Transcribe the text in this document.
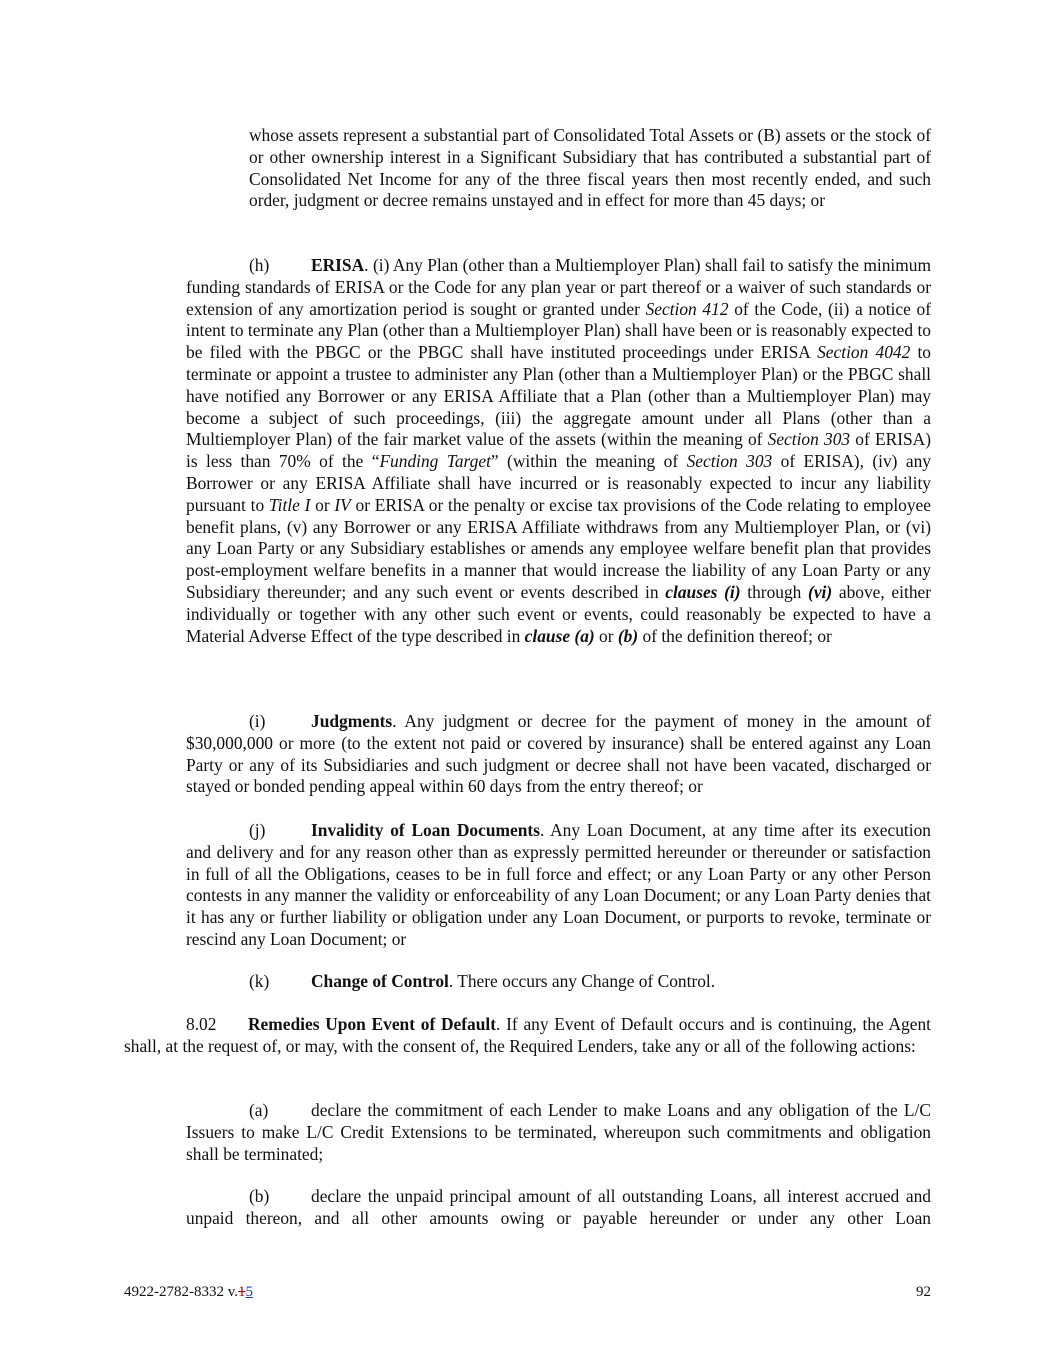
whose assets represent a substantial part of Consolidated Total Assets or (B) assets or the stock of or other ownership interest in a Significant Subsidiary that has contributed a substantial part of Consolidated Net Income for any of the three fiscal years then most recently ended, and such order, judgment or decree remains unstayed and in effect for more than 45 days; or

(h) ERISA. (i) Any Plan (other than a Multiemployer Plan) shall fail to satisfy the minimum funding standards of ERISA or the Code for any plan year or part thereof or a waiver of such standards or extension of any amortization period is sought or granted under Section 412 of the Code, (ii) a notice of intent to terminate any Plan (other than a Multiemployer Plan) shall have been or is reasonably expected to be filed with the PBGC or the PBGC shall have instituted proceedings under ERISA Section 4042 to terminate or appoint a trustee to administer any Plan (other than a Multiemployer Plan) or the PBGC shall have notified any Borrower or any ERISA Affiliate that a Plan (other than a Multiemployer Plan) may become a subject of such proceedings, (iii) the aggregate amount under all Plans (other than a Multiemployer Plan) of the fair market value of the assets (within the meaning of Section 303 of ERISA) is less than 70% of the “Funding Target” (within the meaning of Section 303 of ERISA), (iv) any Borrower or any ERISA Affiliate shall have incurred or is reasonably expected to incur any liability pursuant to Title I or IV or ERISA or the penalty or excise tax provisions of the Code relating to employee benefit plans, (v) any Borrower or any ERISA Affiliate withdraws from any Multiemployer Plan, or (vi) any Loan Party or any Subsidiary establishes or amends any employee welfare benefit plan that provides post-employment welfare benefits in a manner that would increase the liability of any Loan Party or any Subsidiary thereunder; and any such event or events described in clauses (i) through (vi) above, either individually or together with any other such event or events, could reasonably be expected to have a Material Adverse Effect of the type described in clause (a) or (b) of the definition thereof; or

(i)	Judgments. Any judgment or decree for the payment of money in the amount of $30,000,000 or more (to the extent not paid or covered by insurance) shall be entered against any Loan Party or any of its Subsidiaries and such judgment or decree shall not have been vacated, discharged or stayed or bonded pending appeal within 60 days from the entry thereof; or

(j)	Invalidity of Loan Documents. Any Loan Document, at any time after its execution and delivery and for any reason other than as expressly permitted hereunder or thereunder or satisfaction in full of all the Obligations, ceases to be in full force and effect; or any Loan Party or any other Person contests in any manner the validity or enforceability of any Loan Document; or any Loan Party denies that it has any or further liability or obligation under any Loan Document, or purports to revoke, terminate or rescind any Loan Document; or

(k) Change of Control. There occurs any Change of Control.

8.02 Remedies Upon Event of Default. If any Event of Default occurs and is continuing, the Agent shall, at the request of, or may, with the consent of, the Required Lenders, take any or all of the following actions:

(a) declare the commitment of each Lender to make Loans and any obligation of the L/C Issuers to make L/C Credit Extensions to be terminated, whereupon such commitments and obligation shall be terminated;

(b) declare the unpaid principal amount of all outstanding Loans, all interest accrued and unpaid thereon, and all other amounts owing or payable hereunder or under any other Loan

4922-2782-8332 v.15	92
